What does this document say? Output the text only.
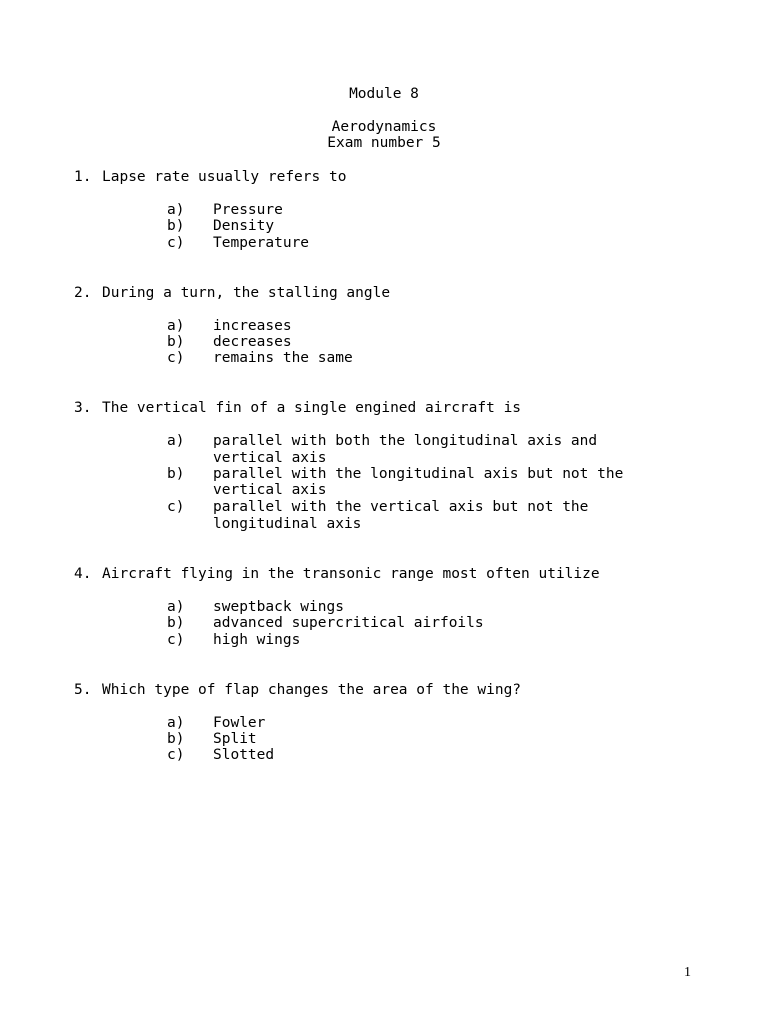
Module 8
Aerodynamics
Exam number 5
1. Lapse rate usually refers to
a) Pressure
b) Density
c) Temperature
2. During a turn, the stalling angle
a) increases
b) decreases
c) remains the same
3. The vertical fin of a single engined aircraft is
a) parallel with both the longitudinal axis and
vertical axis
b) parallel with the longitudinal axis but not the
vertical axis
c) parallel with the vertical axis but not the
longitudinal axis
4. Aircraft flying in the transonic range most often utilize
a) sweptback wings
b) advanced supercritical airfoils
c) high wings
5. Which type of flap changes the area of the wing?
a) Fowler
b) Split
c) Slotted
1
